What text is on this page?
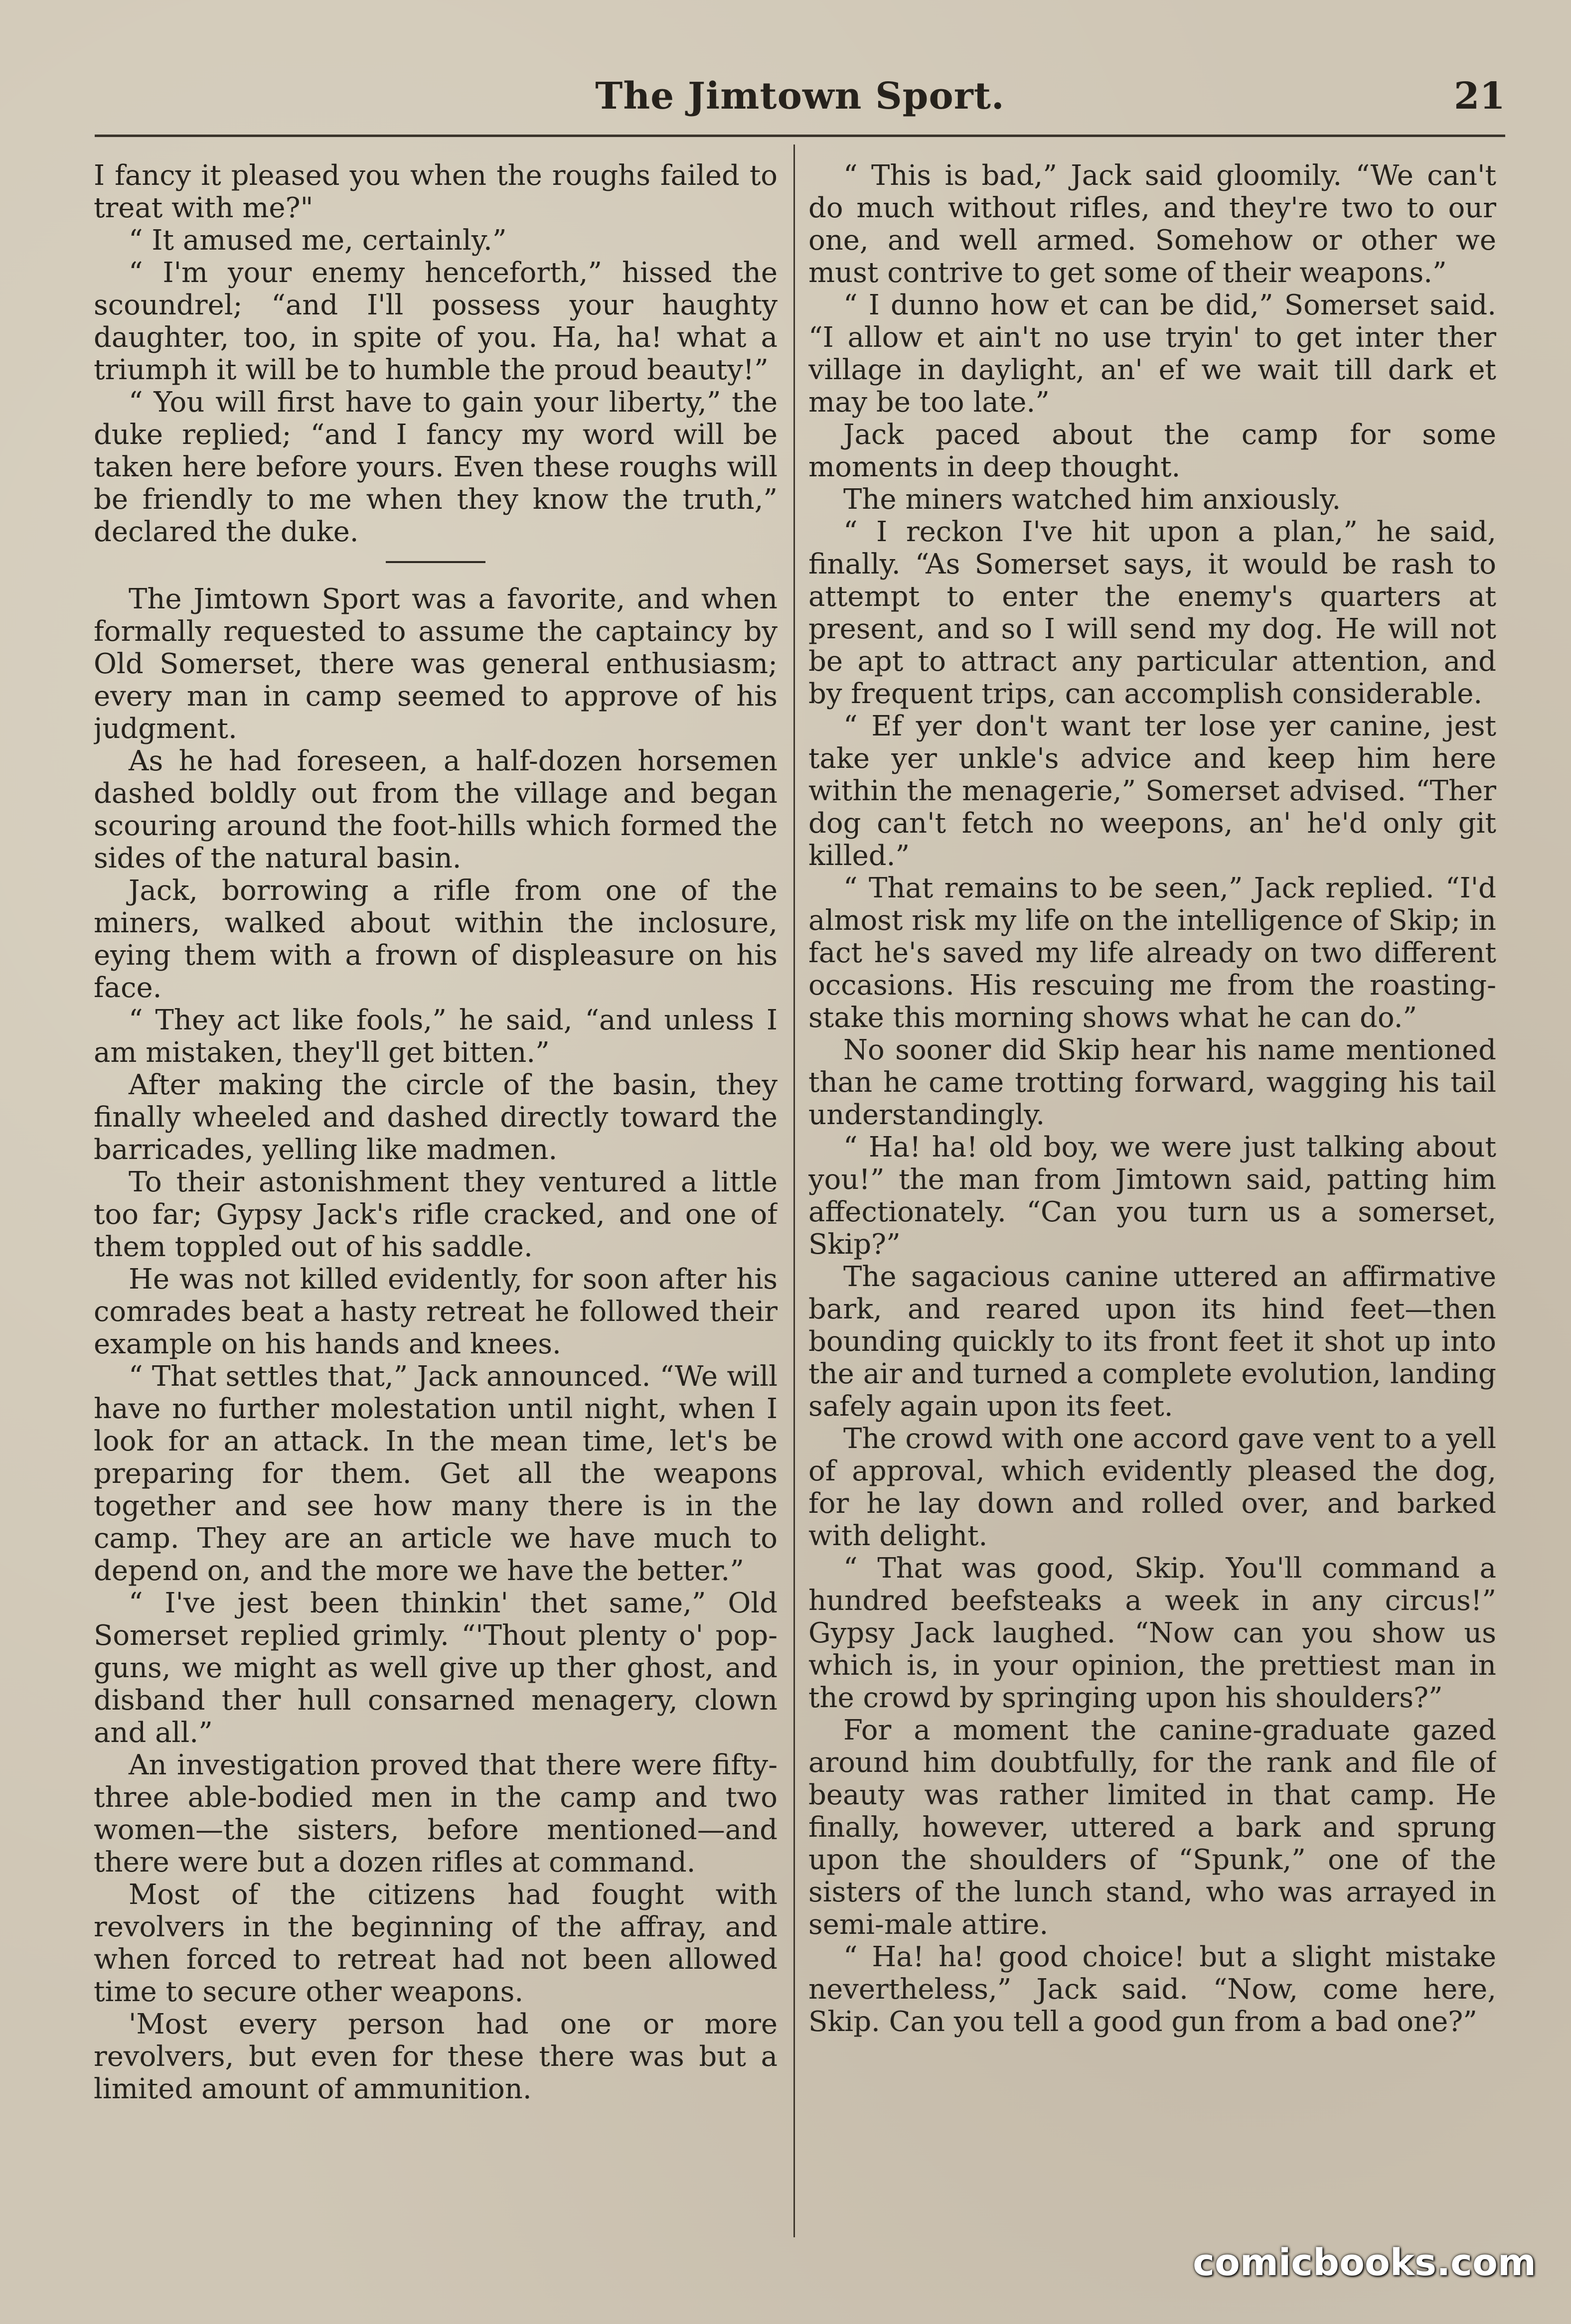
The Jimtown Sport.	21

I fancy it pleased you when the roughs failed to treat with me?"

“ It amused me, certainly.”

“ I'm your enemy henceforth,” hissed the scoundrel; “and I'll possess your haughty daughter, too, in spite of you. Ha, ha! what a triumph it will be to humble the proud beauty!”

“ You will first have to gain your liberty,” the duke replied; “and I fancy my word will be taken here before yours. Even these roughs will be friendly to me when they know the truth,” declared the duke.

The Jimtown Sport was a favorite, and when formally requested to assume the captaincy by Old Somerset, there was general enthusiasm; every man in camp seemed to approve of his judgment.

As he had foreseen, a half-dozen horsemen dashed boldly out from the village and began scouring around the foot-hills which formed the sides of the natural basin.

Jack, borrowing a rifle from one of the miners, walked about within the inclosure, eying them with a frown of displeasure on his face.

“ They act like fools,” he said, “and unless I am mistaken, they'll get bitten.”

After making the circle of the basin, they finally wheeled and dashed directly toward the barricades, yelling like madmen.

To their astonishment they ventured a little too far; Gypsy Jack's rifle cracked, and one of them toppled out of his saddle.

He was not killed evidently, for soon after his comrades beat a hasty retreat he followed their example on his hands and knees.

“ That settles that,” Jack announced. “We will have no further molestation until night, when I look for an attack. In the mean time, let's be preparing for them. Get all the weapons together and see how many there is in the camp. They are an article we have much to depend on, and the more we have the better.”

“ I've jest been thinkin' thet same,” Old Somerset replied grimly. “'Thout plenty o' pop-guns, we might as well give up ther ghost, and disband ther hull consarned menagery, clown and all.”

An investigation proved that there were fifty-three able-bodied men in the camp and two women—the sisters, before mentioned—and there were but a dozen rifles at command.

Most of the citizens had fought with revolvers in the beginning of the affray, and when forced to retreat had not been allowed time to secure other weapons.

'Most every person had one or more revolvers, but even for these there was but a limited amount of ammunition.

“ This is bad,” Jack said gloomily. “We can't do much without rifles, and they're two to our one, and well armed. Somehow or other we must contrive to get some of their weapons.”

“ I dunno how et can be did,” Somerset said. “I allow et ain't no use tryin' to get inter ther village in daylight, an' ef we wait till dark et may be too late.”

Jack paced about the camp for some moments in deep thought.

The miners watched him anxiously.

“ I reckon I've hit upon a plan,” he said, finally. “As Somerset says, it would be rash to attempt to enter the enemy's quarters at present, and so I will send my dog. He will not be apt to attract any particular attention, and by frequent trips, can accomplish considerable.

“ Ef yer don't want ter lose yer canine, jest take yer unkle's advice and keep him here within the menagerie,” Somerset advised. “Ther dog can't fetch no weepons, an' he'd only git killed.”

“ That remains to be seen,” Jack replied. “I'd almost risk my life on the intelligence of Skip; in fact he's saved my life already on two different occasions. His rescuing me from the roasting-stake this morning shows what he can do.”

No sooner did Skip hear his name mentioned than he came trotting forward, wagging his tail understandingly.

“ Ha! ha! old boy, we were just talking about you!” the man from Jimtown said, patting him affectionately. “Can you turn us a somerset, Skip?”

The sagacious canine uttered an affirmative bark, and reared upon its hind feet—then bounding quickly to its front feet it shot up into the air and turned a complete evolution, landing safely again upon its feet.

The crowd with one accord gave vent to a yell of approval, which evidently pleased the dog, for he lay down and rolled over, and barked with delight.

“ That was good, Skip. You'll command a hundred beefsteaks a week in any circus!” Gypsy Jack laughed. “Now can you show us which is, in your opinion, the prettiest man in the crowd by springing upon his shoulders?”

For a moment the canine-graduate gazed around him doubtfully, for the rank and file of beauty was rather limited in that camp. He finally, however, uttered a bark and sprung upon the shoulders of “Spunk,” one of the sisters of the lunch stand, who was arrayed in semi-male attire.

“ Ha! ha! good choice! but a slight mistake nevertheless,” Jack said. “Now, come here, Skip. Can you tell a good gun from a bad one?”

comicbooks.com
